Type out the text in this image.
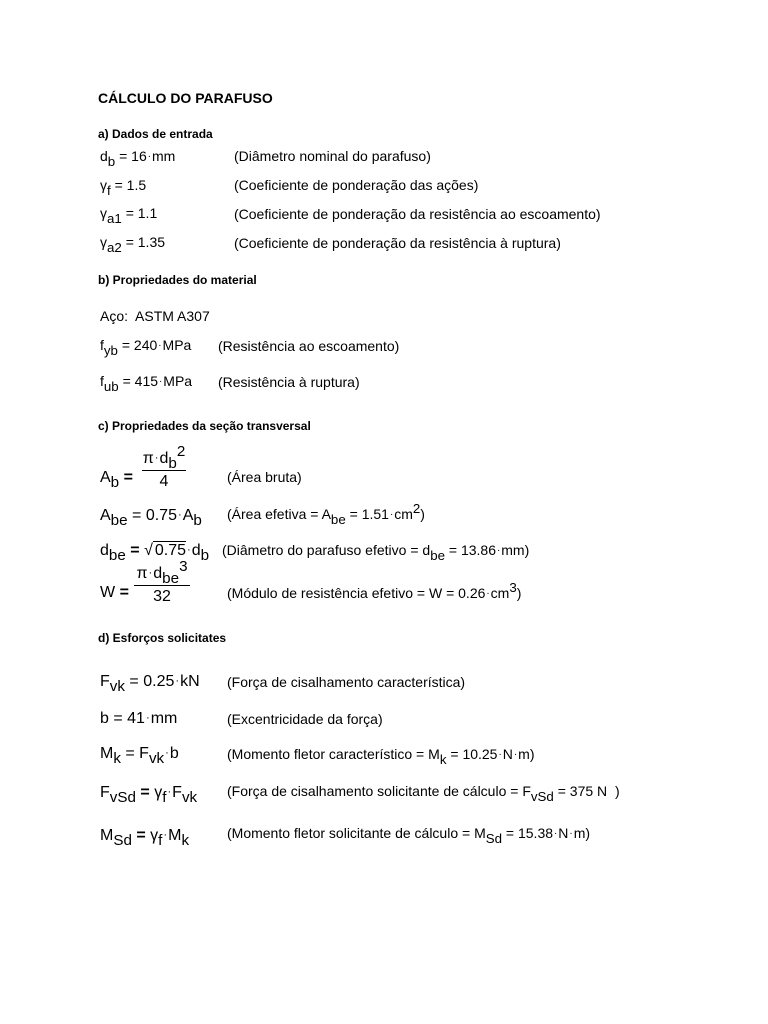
CÁLCULO DO PARAFUSO
a) Dados de entrada
db = 16·mm	(Diâmetro nominal do parafuso)
γf = 1.5	(Coeficiente de ponderação das ações)
γa1 = 1.1	(Coeficiente de ponderação da resistência ao escoamento)
γa2 = 1.35	(Coeficiente de ponderação da resistência à ruptura)
b) Propriedades do material
Aço: ASTM A307
fyb = 240·MPa (Resistência ao escoamento)
fub = 415·MPa (Resistência à ruptura)
c) Propriedades da seção transversal
Ab =
π·db2
4	(Área bruta)
Abe = 0.75·Ab (Área efetiva = Abe = 1.51·cm2)
dbe = √ 0.75·db (Diâmetro do parafuso efetivo = dbe = 13.86·mm)
W =
π·dbe3
32	(Módulo de resistência efetivo = W = 0.26·cm3)
d) Esforços solicitates
Fvk = 0.25·kN (Força de cisalhamento característica)
b = 41·mm	(Excentricidade da força)
Mk = Fvk·b	(Momento fletor característico = Mk = 10.25·N·m)
FvSd = γf·Fvk (Força de cisalhamento solicitante de cálculo = FvSd = 375 N )
MSd = γf·Mk	(Momento fletor solicitante de cálculo = MSd = 15.38·N·m)
